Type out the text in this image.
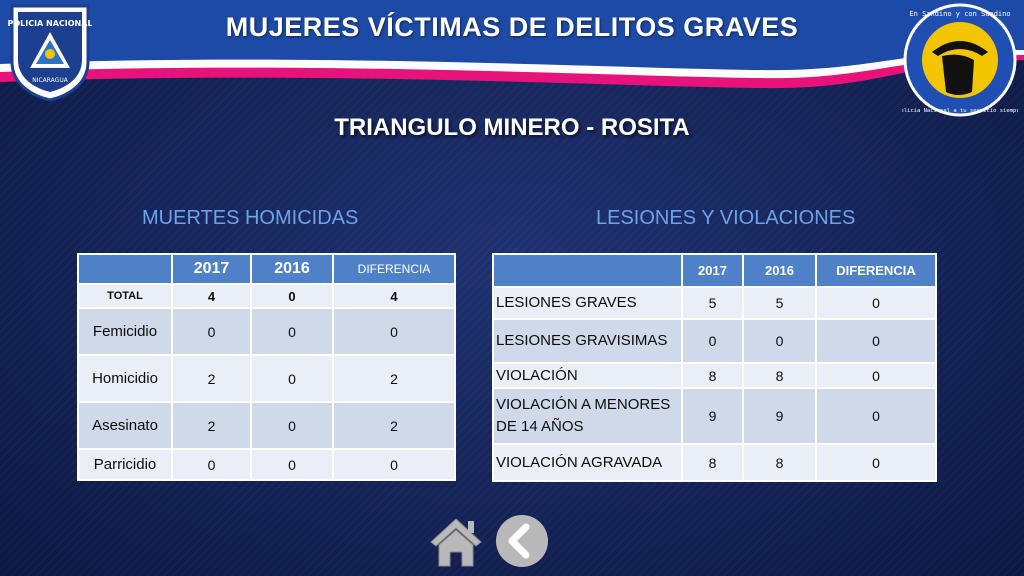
MUJERES VÍCTIMAS DE DELITOS GRAVES
POLICIA NACIONAL
NICARAGUA
En Sandino y con Sandino
Policía Nacional a tu servicio siempre
TRIANGULO MINERO - ROSITA
MUERTES HOMICIDAS	LESIONES Y VIOLACIONES
	2017	2016	DIFERENCIA
TOTAL	4	0	4
Femicidio	0	0	0
Homicidio	2	0	2
Asesinato	2	0	2
Parricidio	0	0	0
	2017	2016	DIFERENCIA
LESIONES GRAVES	5	5	0
LESIONES GRAVISIMAS	0	0	0
VIOLACIÓN	8	8	0
VIOLACIÓN A MENORES DE 14 AÑOS	9	9	0
VIOLACIÓN AGRAVADA	8	8	0
